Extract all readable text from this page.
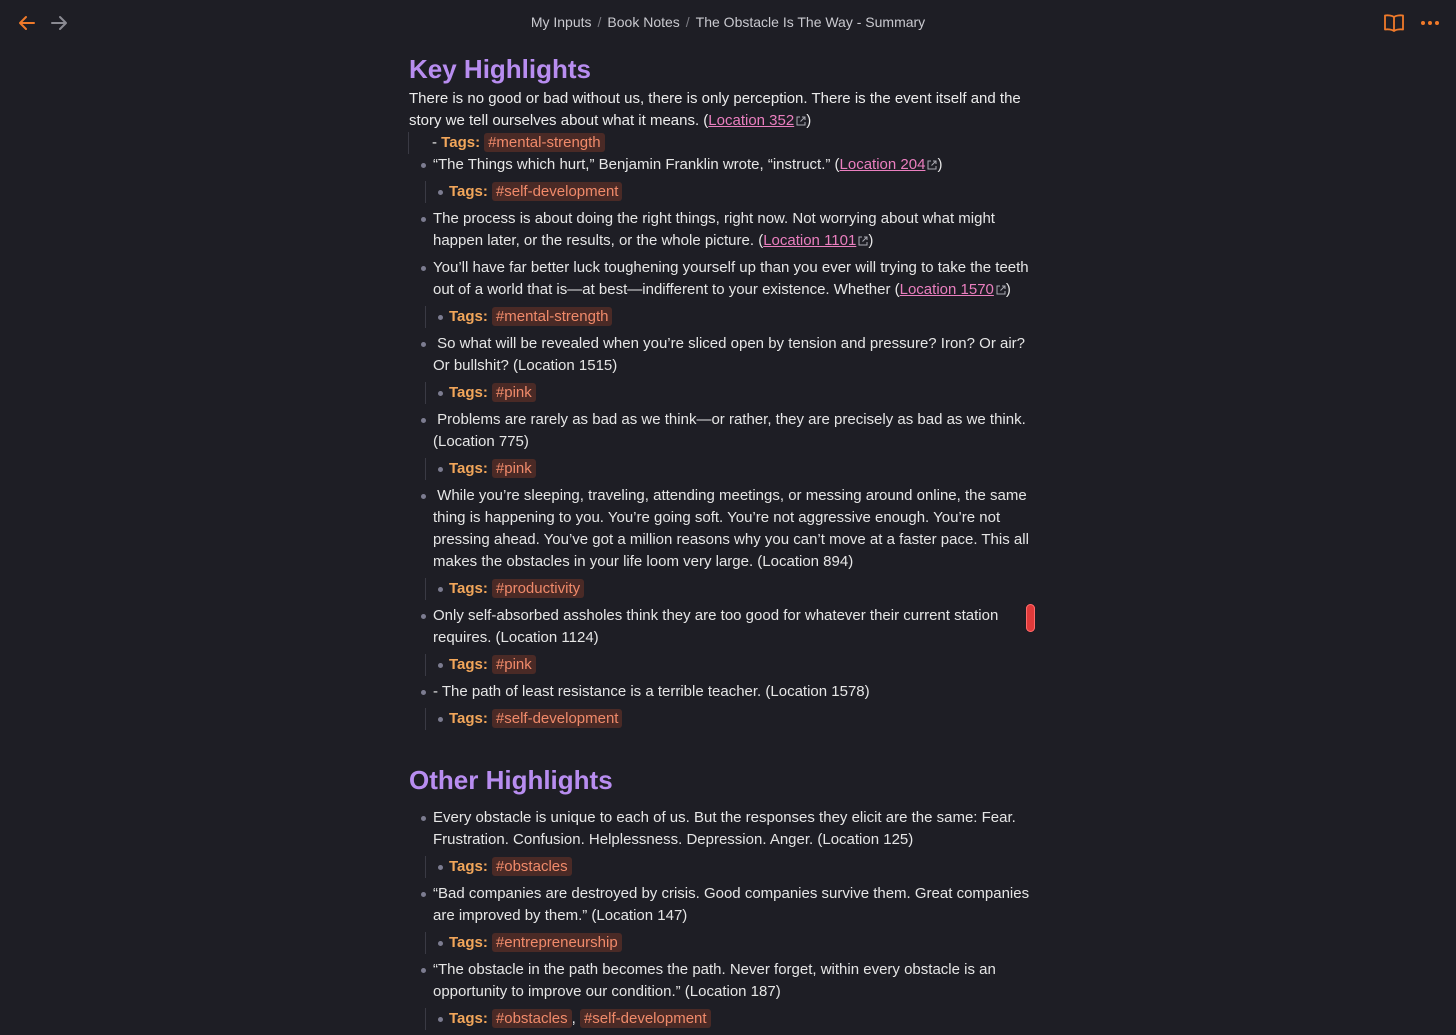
My Inputs / Book Notes / The Obstacle Is The Way - Summary
Key Highlights

There is no good or bad without us, there is only perception. There is the event itself and the story we tell ourselves about what it means. (Location 352 )

- Tags: #mental-strength
“The Things which hurt,” Benjamin Franklin wrote, “instruct.” (Location 204 )
Tags: #self-development
The process is about doing the right things, right now. Not worrying about what might happen later, or the results, or the whole picture. (Location 1101 )
You’ll have far better luck toughening yourself up than you ever will trying to take the teeth out of a world that is—at best—indifferent to your existence. Whether (Location 1570 )
Tags: #mental-strength
So what will be revealed when you’re sliced open by tension and pressure? Iron? Or air? Or bullshit? (Location 1515)
Tags: #pink
Problems are rarely as bad as we think—or rather, they are precisely as bad as we think. (Location 775)
Tags: #pink
While you’re sleeping, traveling, attending meetings, or messing around online, the same thing is happening to you. You’re going soft. You’re not aggressive enough. You’re not pressing ahead. You’ve got a million reasons why you can’t move at a faster pace. This all makes the obstacles in your life loom very large. (Location 894)
Tags: #productivity
Only self-absorbed assholes think they are too good for whatever their current station requires. (Location 1124)
Tags: #pink
- The path of least resistance is a terrible teacher. (Location 1578)
Tags: #self-development
Other Highlights
Every obstacle is unique to each of us. But the responses they elicit are the same: Fear. Frustration. Confusion. Helplessness. Depression. Anger. (Location 125)
Tags: #obstacles
“Bad companies are destroyed by crisis. Good companies survive them. Great companies are improved by them.” (Location 147)
Tags: #entrepreneurship
“The obstacle in the path becomes the path. Never forget, within every obstacle is an opportunity to improve our condition.” (Location 187)
Tags: #obstacles , #self-development
